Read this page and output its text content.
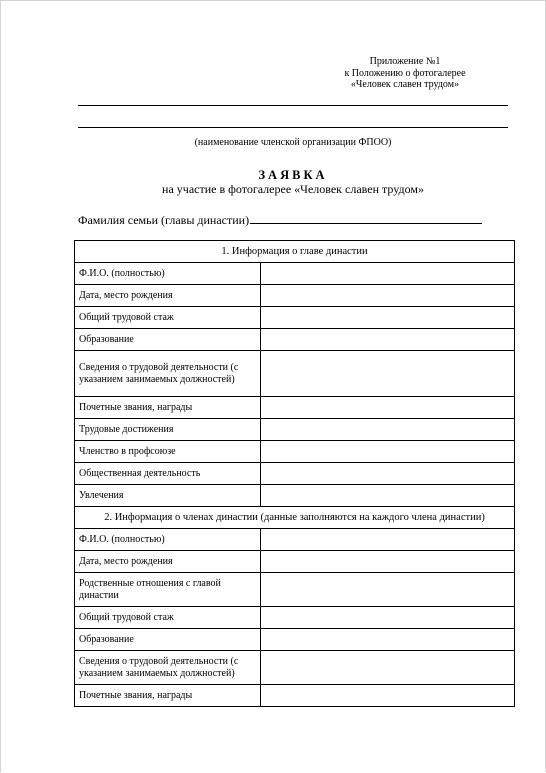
Приложение №1
к Положению о фотогалерее
«Человек славен трудом»
(наименование членской организации ФПОО)
ЗАЯВКА
на участие в фотогалерее «Человек славен трудом»
Фамилия семьи (главы династии)
1. Информация о главе династии	
Ф.И.О. (полностью)	
Дата, место рождения	
Общий трудовой стаж	
Образование	
Сведения о трудовой деятельности (с указанием занимаемых должностей)	
Почетные звания, награды	
Трудовые достижения	
Членство в профсоюзе	
Общественная деятельность	
Увлечения	
2. Информация о членах династии (данные заполняются на каждого члена династии)	
Ф.И.О. (полностью)	
Дата, место рождения	
Родственные отношения с главой династии	
Общий трудовой стаж	
Образование	
Сведения о трудовой деятельности (с указанием занимаемых должностей)	
Почетные звания, награды	
